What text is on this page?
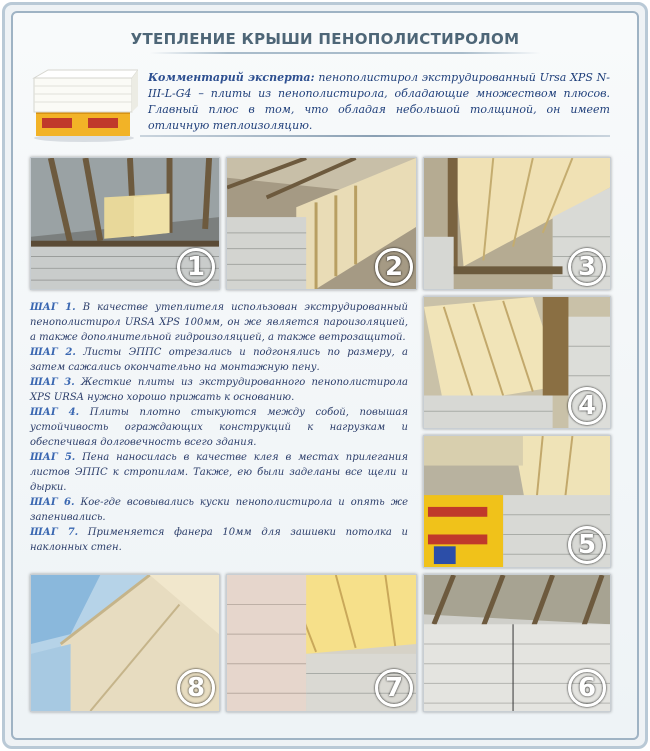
УТЕПЛЕНИЕ КРЫШИ ПЕНОПОЛИСТИРОЛОМ
Комментарий эксперта: пенополистирол экструдированный Ursa XPS N-III-L-G4 – плиты из пенополистирола, обладающие множеством плюсов. Главный плюс в том, что обладая небольшой толщиной, он имеет отличную теплоизоляцию.
1	2	3
4
5
8	7	6

ШАГ 1. В качестве утеплителя использован экструдированный пенополистирол URSA XPS 100мм, он же является пароизоляцией, а также дополнительной гидроизоляцией, а также ветрозащитой.

ШАГ 2. Листы ЭППС отрезались и подгонялись по размеру, а затем сажались окончательно на монтажную пену.

ШАГ 3. Жесткие плиты из экструдированного пенополистирола XPS URSA нужно хорошо прижать к основанию.

ШАГ 4. Плиты плотно стыкуются между собой, повышая устойчивость ограждающих конструкций к нагрузкам и обеспечивая долговечность всего здания.

ШАГ 5. Пена наносилась в качестве клея в местах прилегания листов ЭППС к стропилам. Также, ею были заделаны все щели и дырки.

ШАГ 6. Кое-где всовывались куски пенополистирола и опять же запенивались.

ШАГ 7. Применяется фанера 10мм для зашивки потолка и наклонных стен.
